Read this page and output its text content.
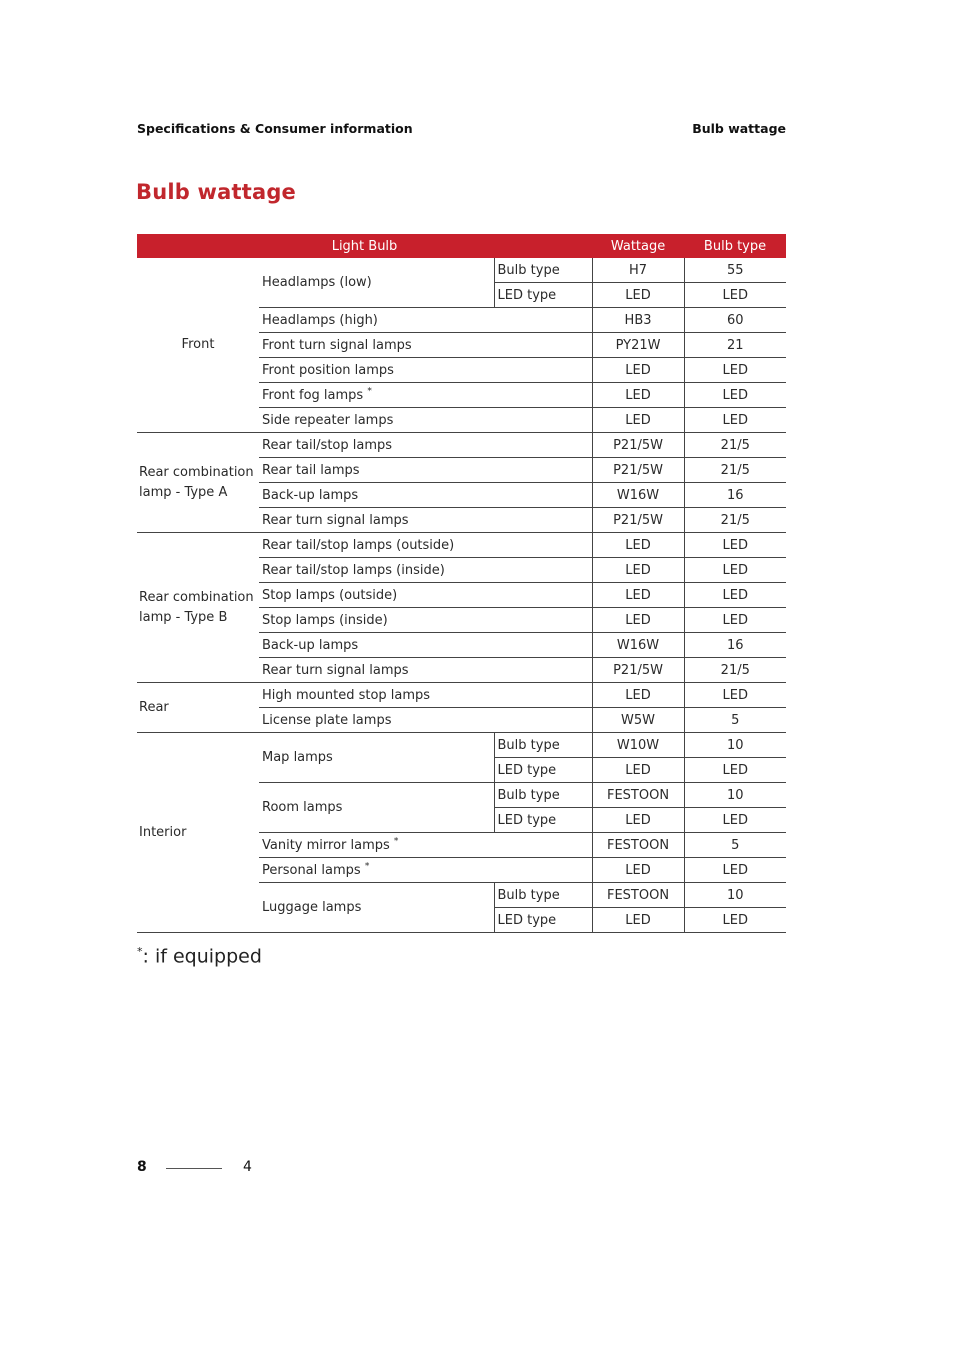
Specifications & Consumer information	Bulb wattage
Bulb wattage
Light Bulb			Wattage	Bulb type
Front	Headlamps (low)	Bulb type	H7	55
		LED type	LED	LED
	Headlamps (high)		HB3	60
	Front turn signal lamps		PY21W	21
	Front position lamps		LED	LED
	Front fog lamps *		LED	LED
	Side repeater lamps		LED	LED
Rear combination lamp - Type A	Rear tail/stop lamps		P21/5W	21/5
	Rear tail lamps		P21/5W	21/5
	Back-up lamps		W16W	16
	Rear turn signal lamps		P21/5W	21/5
Rear combination lamp - Type B	Rear tail/stop lamps (outside)		LED	LED
	Rear tail/stop lamps (inside)		LED	LED
	Stop lamps (outside)		LED	LED
	Stop lamps (inside)		LED	LED
	Back-up lamps		W16W	16
	Rear turn signal lamps		P21/5W	21/5
Rear	High mounted stop lamps		LED	LED
	License plate lamps		W5W	5
Interior	Map lamps	Bulb type	W10W	10
		LED type	LED	LED
	Room lamps	Bulb type	FESTOON	10
		LED type	LED	LED
	Vanity mirror lamps *		FESTOON	5
	Personal lamps *		LED	LED
	Luggage lamps	Bulb type	FESTOON	10
		LED type	LED	LED
*: if equipped
8	4
